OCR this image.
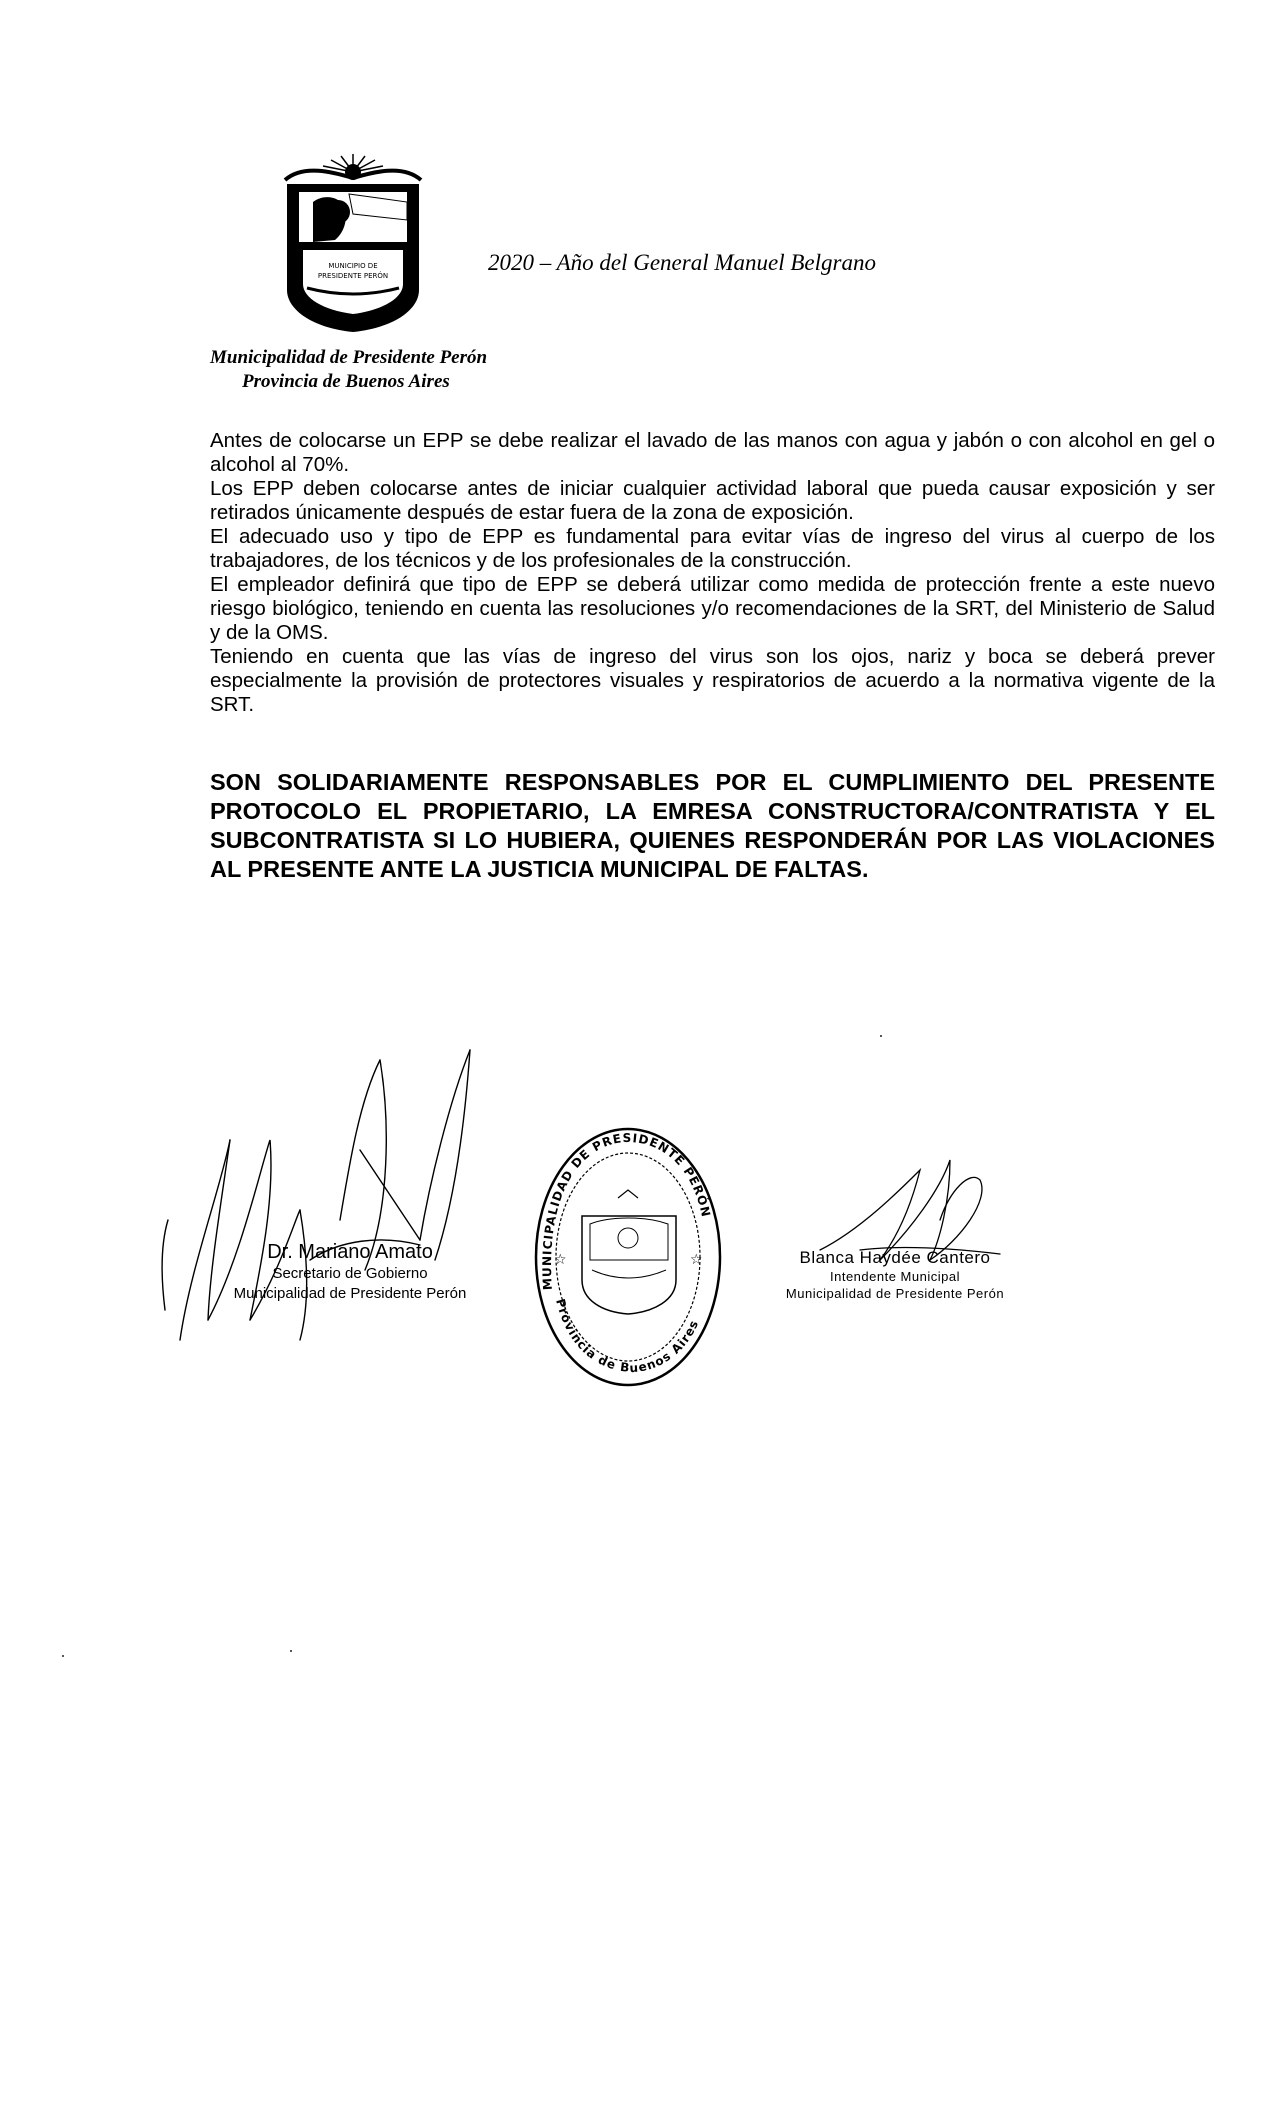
MUNICIPIO DE
PRESIDENTE PERÓN
2020 – Año del General Manuel Belgrano
Municipalidad de Presidente Perón
Provincia de Buenos Aires

Antes de colocarse un EPP se debe realizar el lavado de las manos con agua y jabón o con alcohol en gel o alcohol al 70%.

Los EPP deben colocarse antes de iniciar cualquier actividad laboral que pueda causar exposición y ser retirados únicamente después de estar fuera de la zona de exposición.

El adecuado uso y tipo de EPP es fundamental para evitar vías de ingreso del virus al cuerpo de los trabajadores, de los técnicos y de los profesionales de la construcción.

El empleador definirá que tipo de EPP se deberá utilizar como medida de protección frente a este nuevo riesgo biológico, teniendo en cuenta las resoluciones y/o recomendaciones de la SRT, del Ministerio de Salud y de la OMS.

Teniendo en cuenta que las vías de ingreso del virus son los ojos, nariz y boca se deberá prever especialmente la provisión de protectores visuales y respiratorios de acuerdo a la normativa vigente de la SRT.

SON SOLIDARIAMENTE RESPONSABLES POR EL CUMPLIMIENTO DEL PRESENTE PROTOCOLO EL PROPIETARIO, LA EMRESA CONSTRUCTORA/CONTRATISTA Y EL SUBCONTRATISTA SI LO HUBIERA, QUIENES RESPONDERÁN POR LAS VIOLACIONES AL PRESENTE ANTE LA JUSTICIA MUNICIPAL DE FALTAS.

Dr. Mariano Amato
Secretario de Gobierno
Municipalidad de Presidente Perón
MUNICIPALIDAD DE PRESIDENTE PERÓN
Provincia de Buenos Aires
☆	☆	Blanca Haydée Cantero
Intendente Municipal
Municipalidad de Presidente Perón
